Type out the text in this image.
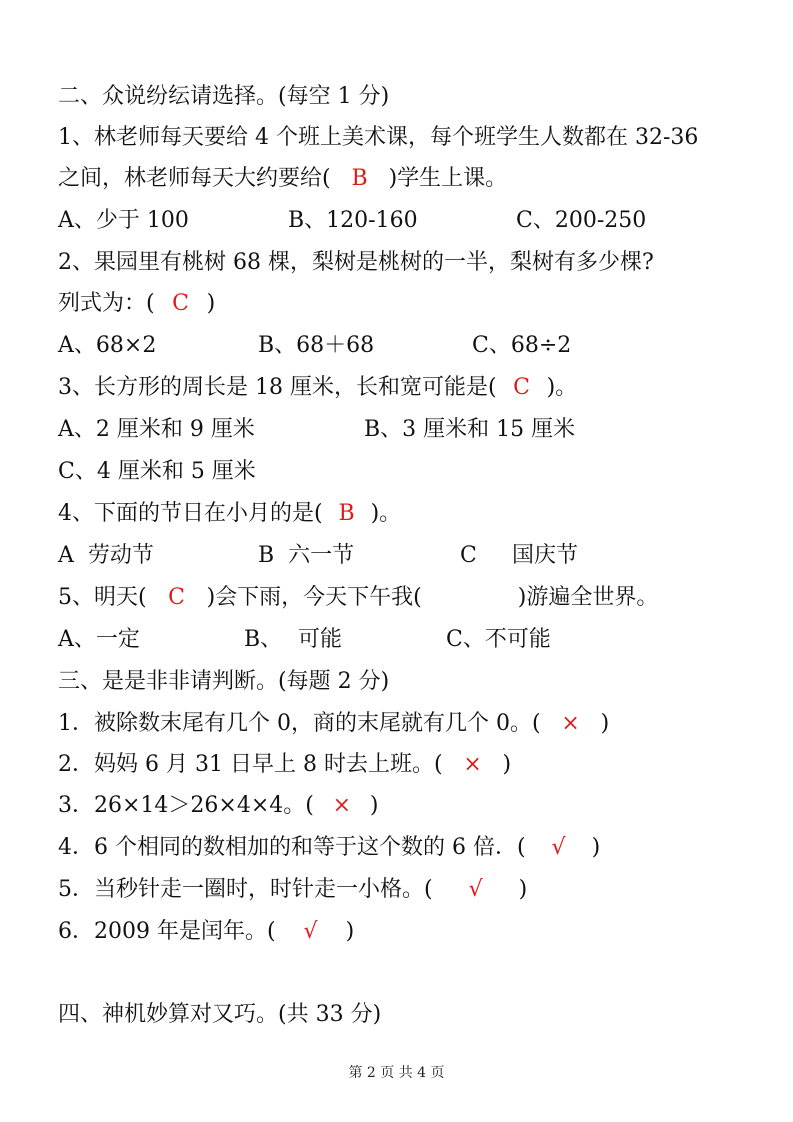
二、众说纷纭请选择。(每空 1 分)
1、林老师每天要给 4 个班上美术课，每个班学生人数都在 32-36
之间，林老师每天大约要给( B )学生上课。
A、少于 100	B、120-160	C、200-250
2、果园里有桃树 68 棵，梨树是桃树的一半，梨树有多少棵?
列式为：( C )
A、68×2	B、68＋68	C、68÷2
3、长方形的周长是 18 厘米，长和宽可能是( C )。
A、2 厘米和 9 厘米	B、3 厘米和 15 厘米
C、4 厘米和 5 厘米
4、下面的节日在小月的是( B )。
A  劳动节	B  六一节	C 国庆节
5、明天( C )会下雨，今天下午我(	)游遍全世界。
A、一定	B、 可能	C、不可能
三、是是非非请判断。(每题 2 分)
1．被除数末尾有几个 0，商的末尾就有几个 0。( × )
2．妈妈 6 月 31 日早上 8 时去上班。( × )
3．26×14＞26×4×4。( × )
4．6 个相同的数相加的和等于这个数的 6 倍．( √ )
5．当秒针走一圈时，时针走一小格。( √ )
6．2009 年是闰年。( √ )
四、神机妙算对又巧。(共 33 分)
第 2 页 共 4 页
